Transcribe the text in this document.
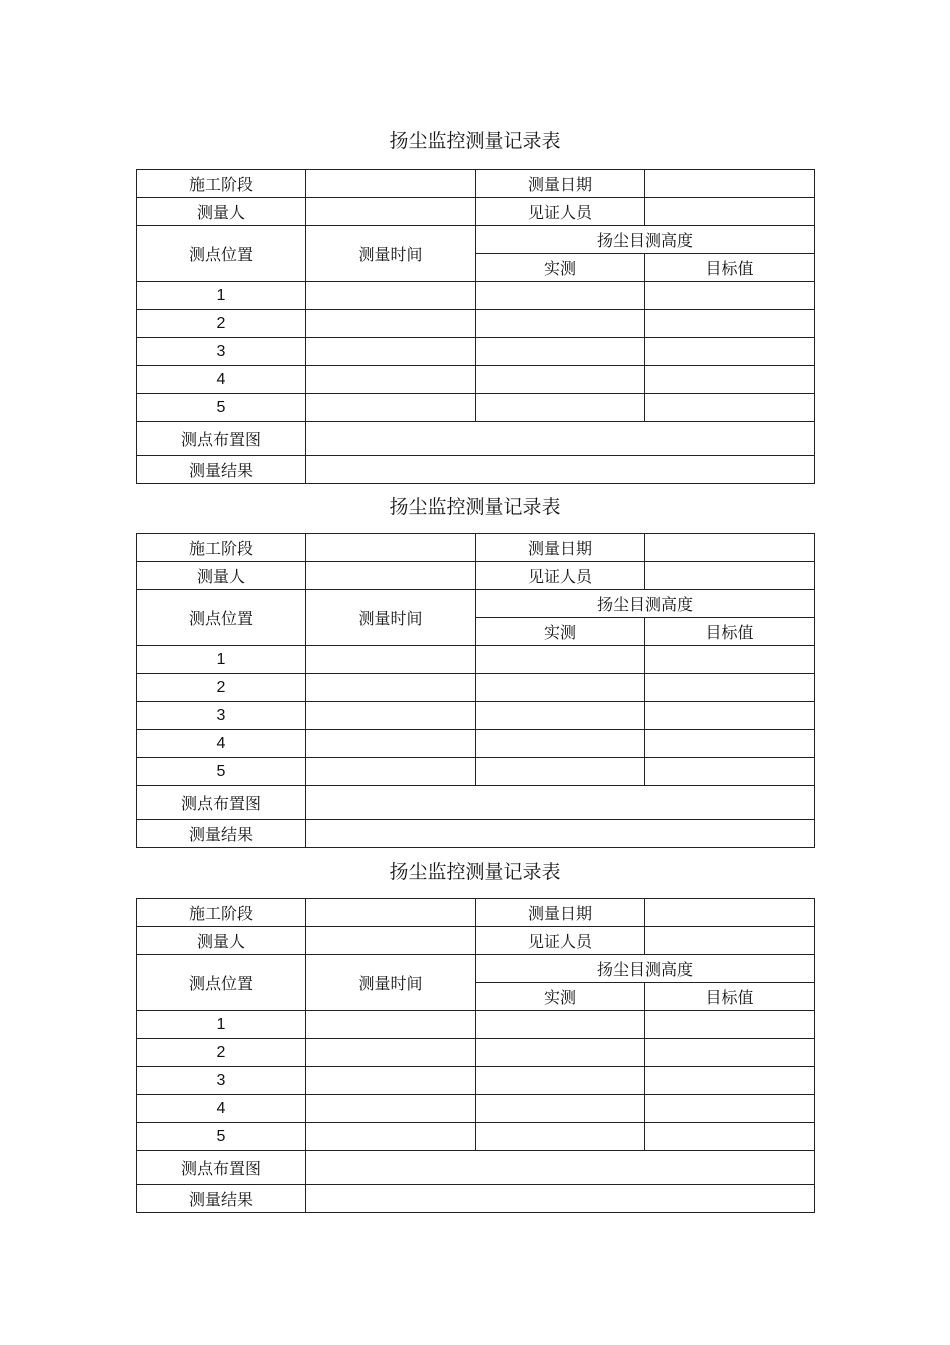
扬尘监控测量记录表
施工阶段		测量日期	
测量人		见证人员	
测点位置	测量时间	扬尘目测高度	
		实测	目标值
1			
2			
3			
4			
5			
测点布置图			
测量结果			
扬尘监控测量记录表
施工阶段		测量日期	
测量人		见证人员	
测点位置	测量时间	扬尘目测高度	
		实测	目标值
1			
2			
3			
4			
5			
测点布置图			
测量结果			
扬尘监控测量记录表
施工阶段		测量日期	
测量人		见证人员	
测点位置	测量时间	扬尘目测高度	
		实测	目标值
1			
2			
3			
4			
5			
测点布置图			
测量结果			
